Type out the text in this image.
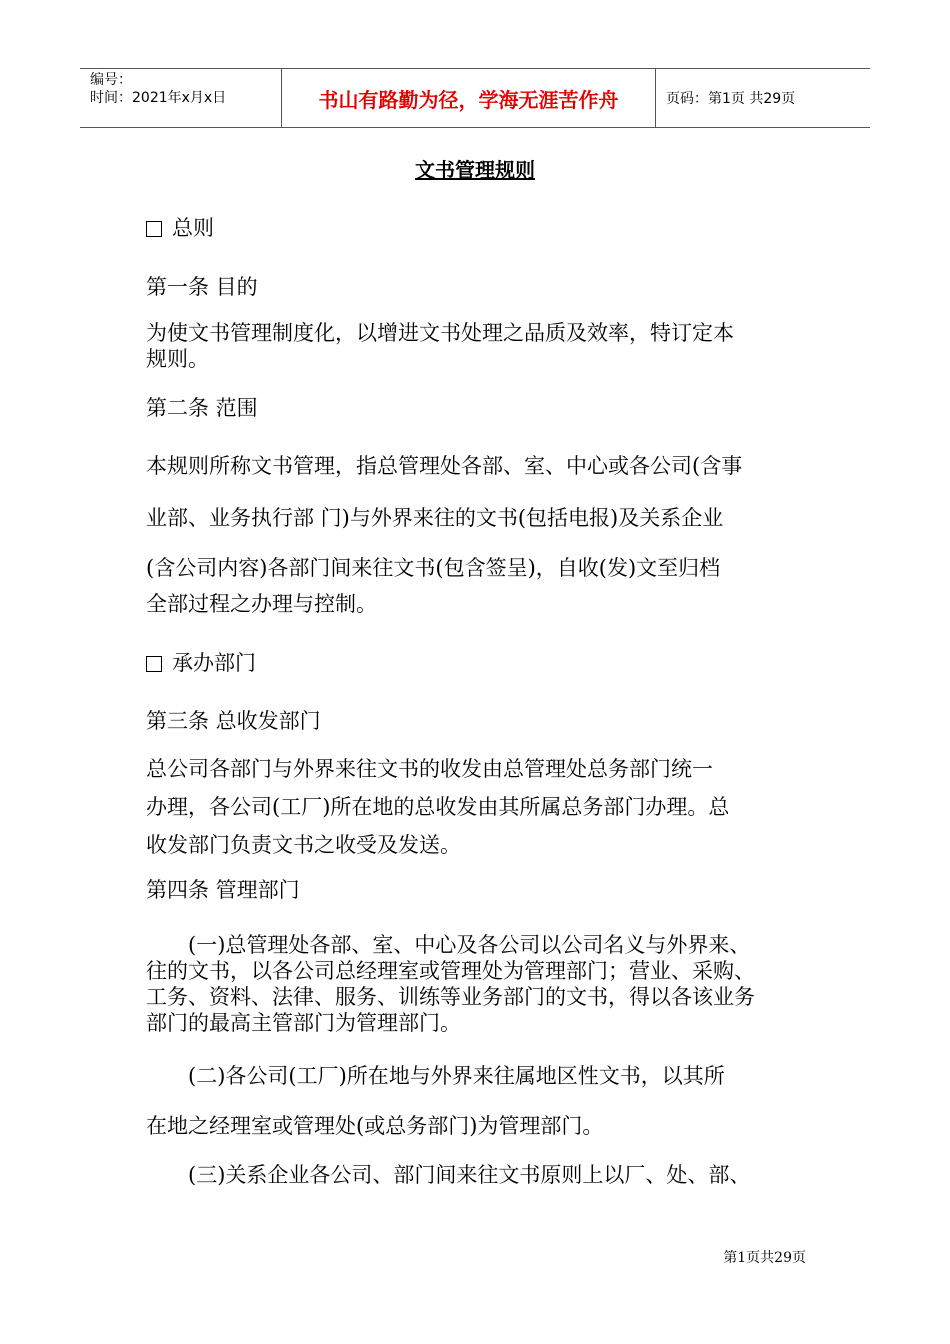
编号：
时间：2021年x月x日	书山有路勤为径，学海无涯苦作舟	页码：第1页 共29页
文书管理规则
总则
第一条 目的

为使文书管理制度化，以增进文书处理之品质及效率，特订定本

规则。

第二条 范围
本规则所称文书管理，指总管理处各部、室、中心或各公司(含事
业部、业务执行部 门)与外界来往的文书(包括电报)及关系企业

(含公司内容)各部门间来往文书(包含签呈)，自收(发)文至归档

全部过程之办理与控制。

承办部门
第三条 总收发部门

总公司各部门与外界来往文书的收发由总管理处总务部门统一

办理，各公司(工厂)所在地的总收发由其所属总务部门办理。总

收发部门负责文书之收受及发送。

第四条 管理部门

　　(一)总管理处各部、室、中心及各公司以公司名义与外界来、

往的文书，以各公司总经理室或管理处为管理部门；营业、采购、

工务、资料、法律、服务、训练等业务部门的文书，得以各该业务

部门的最高主管部门为管理部门。

　　(二)各公司(工厂)所在地与外界来往属地区性文书，以其所
在地之经理室或管理处(或总务部门)为管理部门。
　　(三)关系企业各公司、部门间来往文书原则上以厂、处、部、
第1页共29页
